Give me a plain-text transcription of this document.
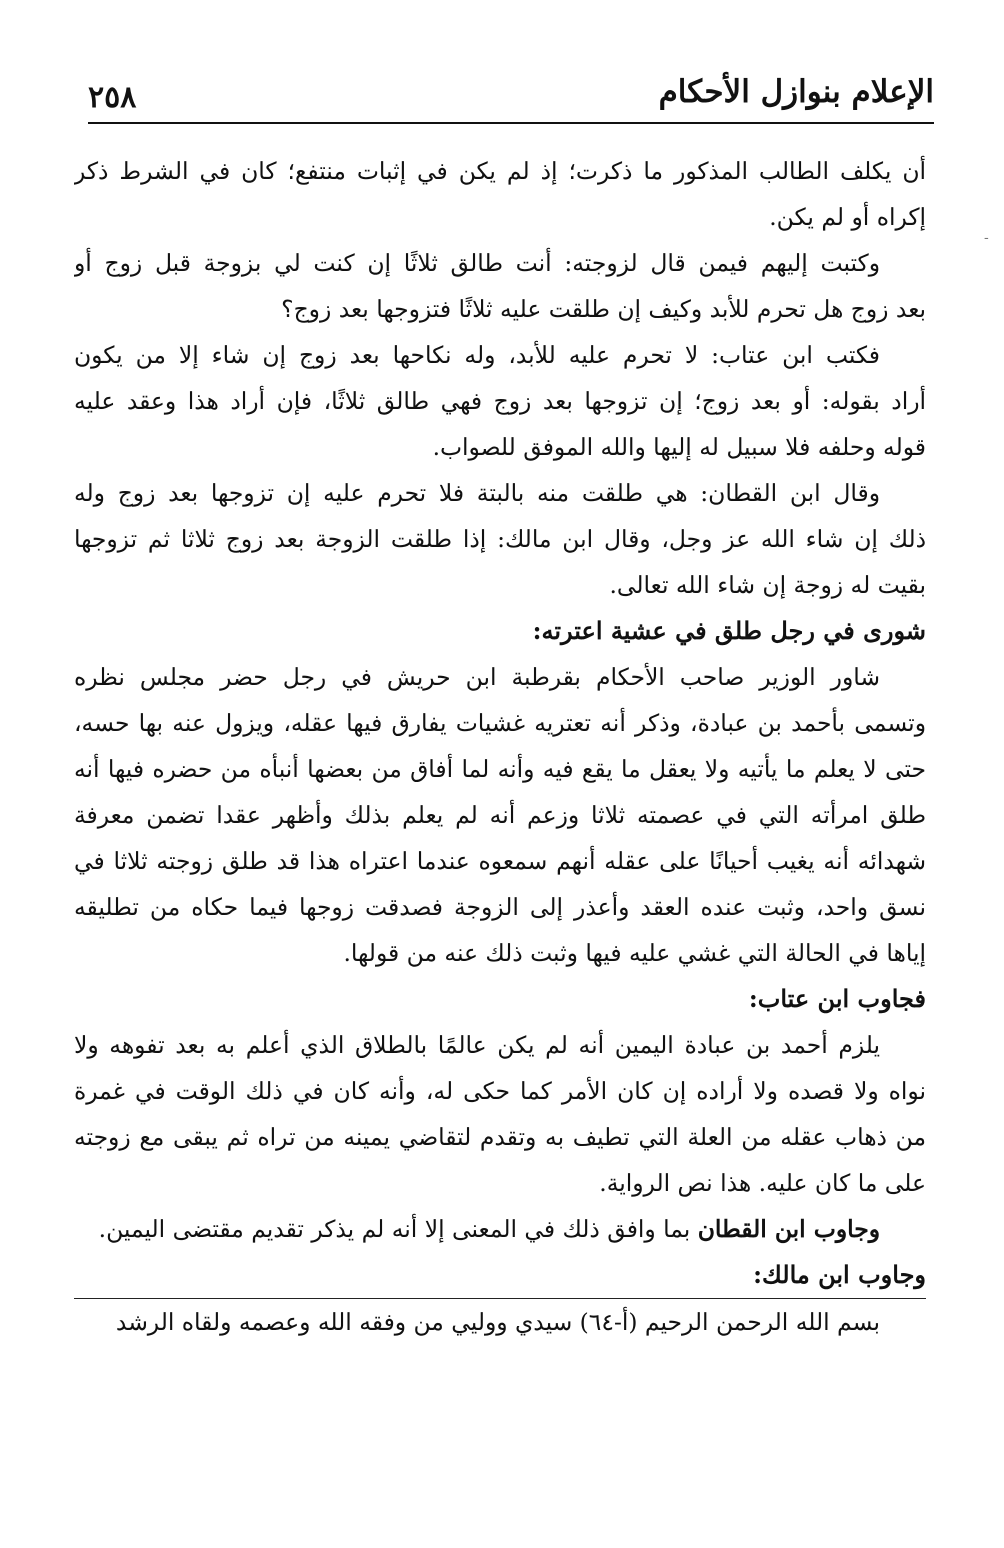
الإعلام بنوازل الأحكام
٢٥٨
-
أن يكلف الطالب المذكور ما ذكرت؛ إذ لم يكن في إثبات منتفع؛ كان في الشرط ذكر
إكراه أو لم يكن.
وكتبت إليهم فيمن قال لزوجته: أنت طالق ثلاثًا إن كنت لي بزوجة قبل زوج أو
بعد زوج هل تحرم للأبد وكيف إن طلقت عليه ثلاثًا فتزوجها بعد زوج؟
فكتب ابن عتاب: لا تحرم عليه للأبد، وله نكاحها بعد زوج إن شاء إلا من يكون
أراد بقوله: أو بعد زوج؛ إن تزوجها بعد زوج فهي طالق ثلاثًا، فإن أراد هذا وعقد عليه
قوله وحلفه فلا سبيل له إليها والله الموفق للصواب.
وقال ابن القطان: هي طلقت منه بالبتة فلا تحرم عليه إن تزوجها بعد زوج وله
ذلك إن شاء الله عز وجل، وقال ابن مالك: إذا طلقت الزوجة بعد زوج ثلاثا ثم تزوجها
بقيت له زوجة إن شاء الله تعالى.
شورى في رجل طلق في عشية اعترته:
شاور الوزير صاحب الأحكام بقرطبة ابن حريش في رجل حضر مجلس نظره
وتسمى بأحمد بن عبادة، وذكر أنه تعتريه غشيات يفارق فيها عقله، ويزول عنه بها حسه،
حتى لا يعلم ما يأتيه ولا يعقل ما يقع فيه وأنه لما أفاق من بعضها أنبأه من حضره فيها أنه
طلق امرأته التي في عصمته ثلاثا وزعم أنه لم يعلم بذلك وأظهر عقدا تضمن معرفة
شهدائه أنه يغيب أحيانًا على عقله أنهم سمعوه عندما اعتراه هذا قد طلق زوجته ثلاثا في
نسق واحد، وثبت عنده العقد وأعذر إلى الزوجة فصدقت زوجها فيما حكاه من تطليقه
إياها في الحالة التي غشي عليه فيها وثبت ذلك عنه من قولها.
فجاوب ابن عتاب:
يلزم أحمد بن عبادة اليمين أنه لم يكن عالمًا بالطلاق الذي أعلم به بعد تفوهه ولا
نواه ولا قصده ولا أراده إن كان الأمر كما حكى له، وأنه كان في ذلك الوقت في غمرة
من ذهاب عقله من العلة التي تطيف به وتقدم لتقاضي يمينه من تراه ثم يبقى مع زوجته
على ما كان عليه. هذا نص الرواية.
وجاوب ابن القطان بما وافق ذلك في المعنى إلا أنه لم يذكر تقديم مقتضى اليمين.
وجاوب ابن مالك:
بسم الله الرحمن الرحيم (أ-٦٤) سيدي ووليي من وفقه الله وعصمه ولقاه الرشد
